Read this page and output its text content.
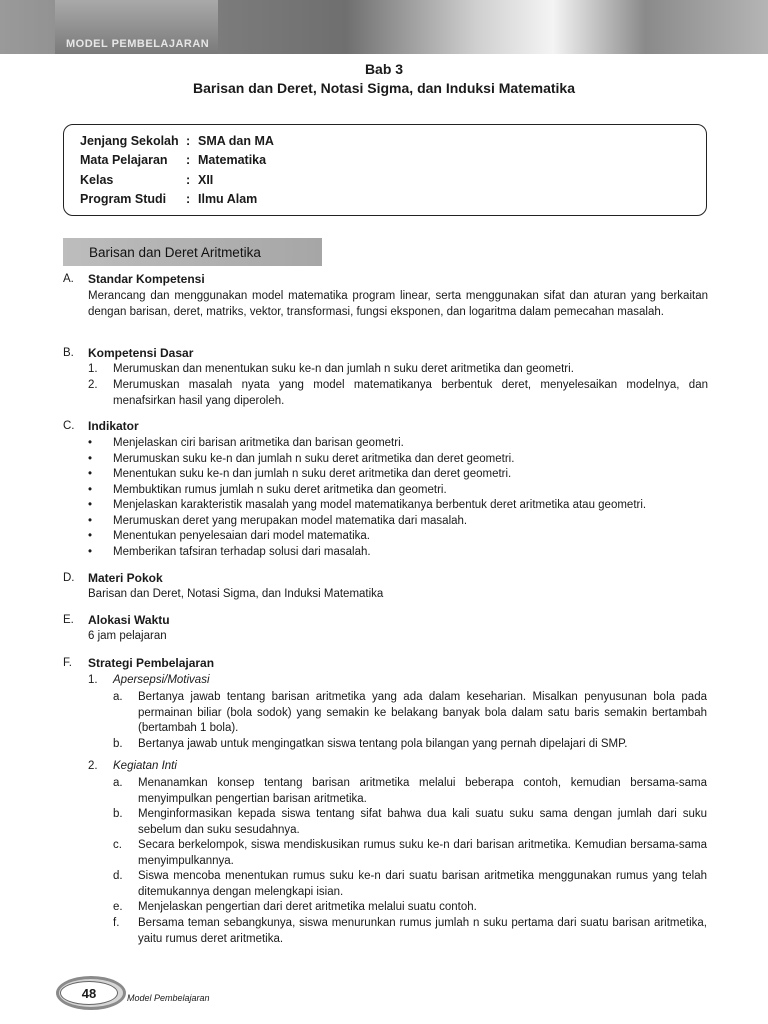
MODEL PEMBELAJARAN
Bab 3
Barisan dan Deret, Notasi Sigma, dan Induksi Matematika
Jenjang Sekolah : SMA dan MA
Mata Pelajaran	: Matematika
Kelas	: XII
Program Studi	: Ilmu Alam
Barisan dan Deret Aritmetika
A. Standar Kompetensi
Merancang dan menggunakan model matematika program linear, serta menggunakan sifat dan aturan yang berkaitan dengan barisan, deret, matriks, vektor, transformasi, fungsi eksponen, dan logaritma dalam pemecahan masalah.
B. Kompetensi Dasar
1.	Merumuskan dan menentukan suku ke-n dan jumlah n suku deret aritmetika dan geometri.
2.	Merumuskan masalah nyata yang model matematikanya berbentuk deret, menyelesaikan modelnya, dan menafsirkan hasil yang diperoleh.
C. Indikator
•	Menjelaskan ciri barisan aritmetika dan barisan geometri.
•	Merumuskan suku ke-n dan jumlah n suku deret aritmetika dan deret geometri.
•	Menentukan suku ke-n dan jumlah n suku deret aritmetika dan deret geometri.
•	Membuktikan rumus jumlah n suku deret aritmetika dan geometri.
•	Menjelaskan karakteristik masalah yang model matematikanya berbentuk deret aritmetika atau geometri.
•	Merumuskan deret yang merupakan model matematika dari masalah.
•	Menentukan penyelesaian dari model matematika.
•	Memberikan tafsiran terhadap solusi dari masalah.
D. Materi Pokok
Barisan dan Deret, Notasi Sigma, dan Induksi Matematika
E. Alokasi Waktu
6 jam pelajaran
F. Strategi Pembelajaran
1.	Apersepsi/Motivasi
a.	Bertanya jawab tentang barisan aritmetika yang ada dalam keseharian. Misalkan penyusunan bola pada permainan biliar (bola sodok) yang semakin ke belakang banyak bola dalam satu baris semakin bertambah (bertambah 1 bola).
b.	Bertanya jawab untuk mengingatkan siswa tentang pola bilangan yang pernah dipelajari di SMP.
2.	Kegiatan Inti
a.	Menanamkan konsep tentang barisan aritmetika melalui beberapa contoh, kemudian bersama-sama menyimpulkan pengertian barisan aritmetika.
b.	Menginformasikan kepada siswa tentang sifat bahwa dua kali suatu suku sama dengan jumlah dari suku sebelum dan suku sesudahnya.
c.	Secara berkelompok, siswa mendiskusikan rumus suku ke-n dari barisan aritmetika. Kemudian bersama-sama menyimpulkannya.
d.	Siswa mencoba menentukan rumus suku ke-n dari suatu barisan aritmetika menggunakan rumus yang telah ditemukannya dengan melengkapi isian.
e.	Menjelaskan pengertian dari deret aritmetika melalui suatu contoh.
f.	Bersama teman sebangkunya, siswa menurunkan rumus jumlah n suku pertama dari suatu barisan aritmetika, yaitu rumus deret aritmetika.
48	Model Pembelajaran
